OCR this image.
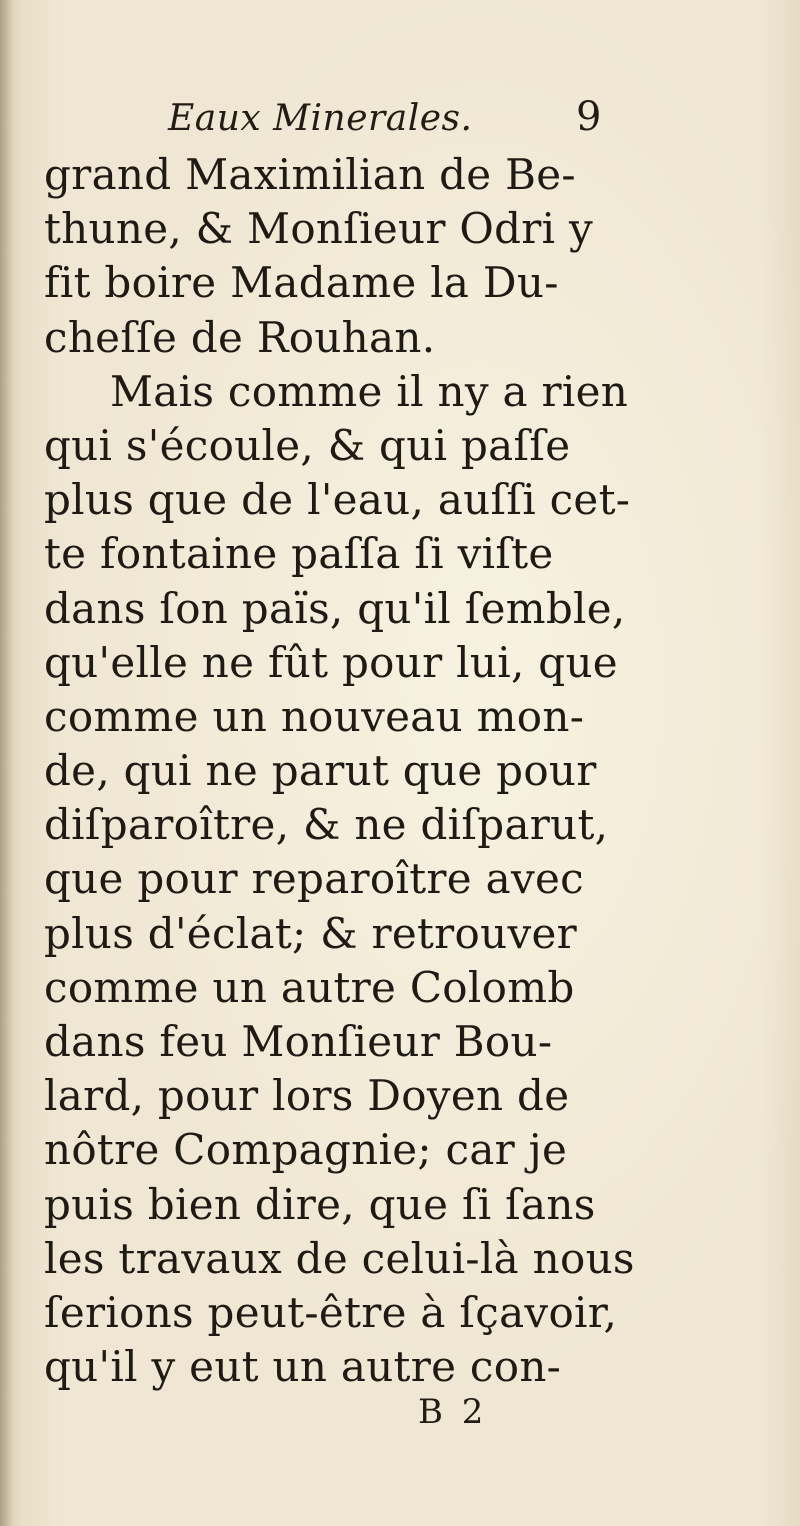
Eaux Minerales.	9
grand Maximilian de Be-
thune, & Monſieur Odri y
fit boire Madame la Du-
cheſſe de Rouhan.
Mais comme il ny a rien
qui s'écoule, & qui paſſe
plus que de l'eau, auſſi cet-
te fontaine paſſa ſi viſte
dans ſon païs, qu'il ſemble,
qu'elle ne fût pour lui, que
comme un nouveau mon-
de, qui ne parut que pour
diſparoître, & ne diſparut,
que pour reparoître avec
plus d'éclat; & retrouver
comme un autre Colomb
dans feu Monſieur Bou-
lard, pour lors Doyen de
nôtre Compagnie; car je
puis bien dire, que ſi ſans
les travaux de celui-là nous
ſerions peut-être à ſçavoir,
qu'il y eut un autre con-
B 2
